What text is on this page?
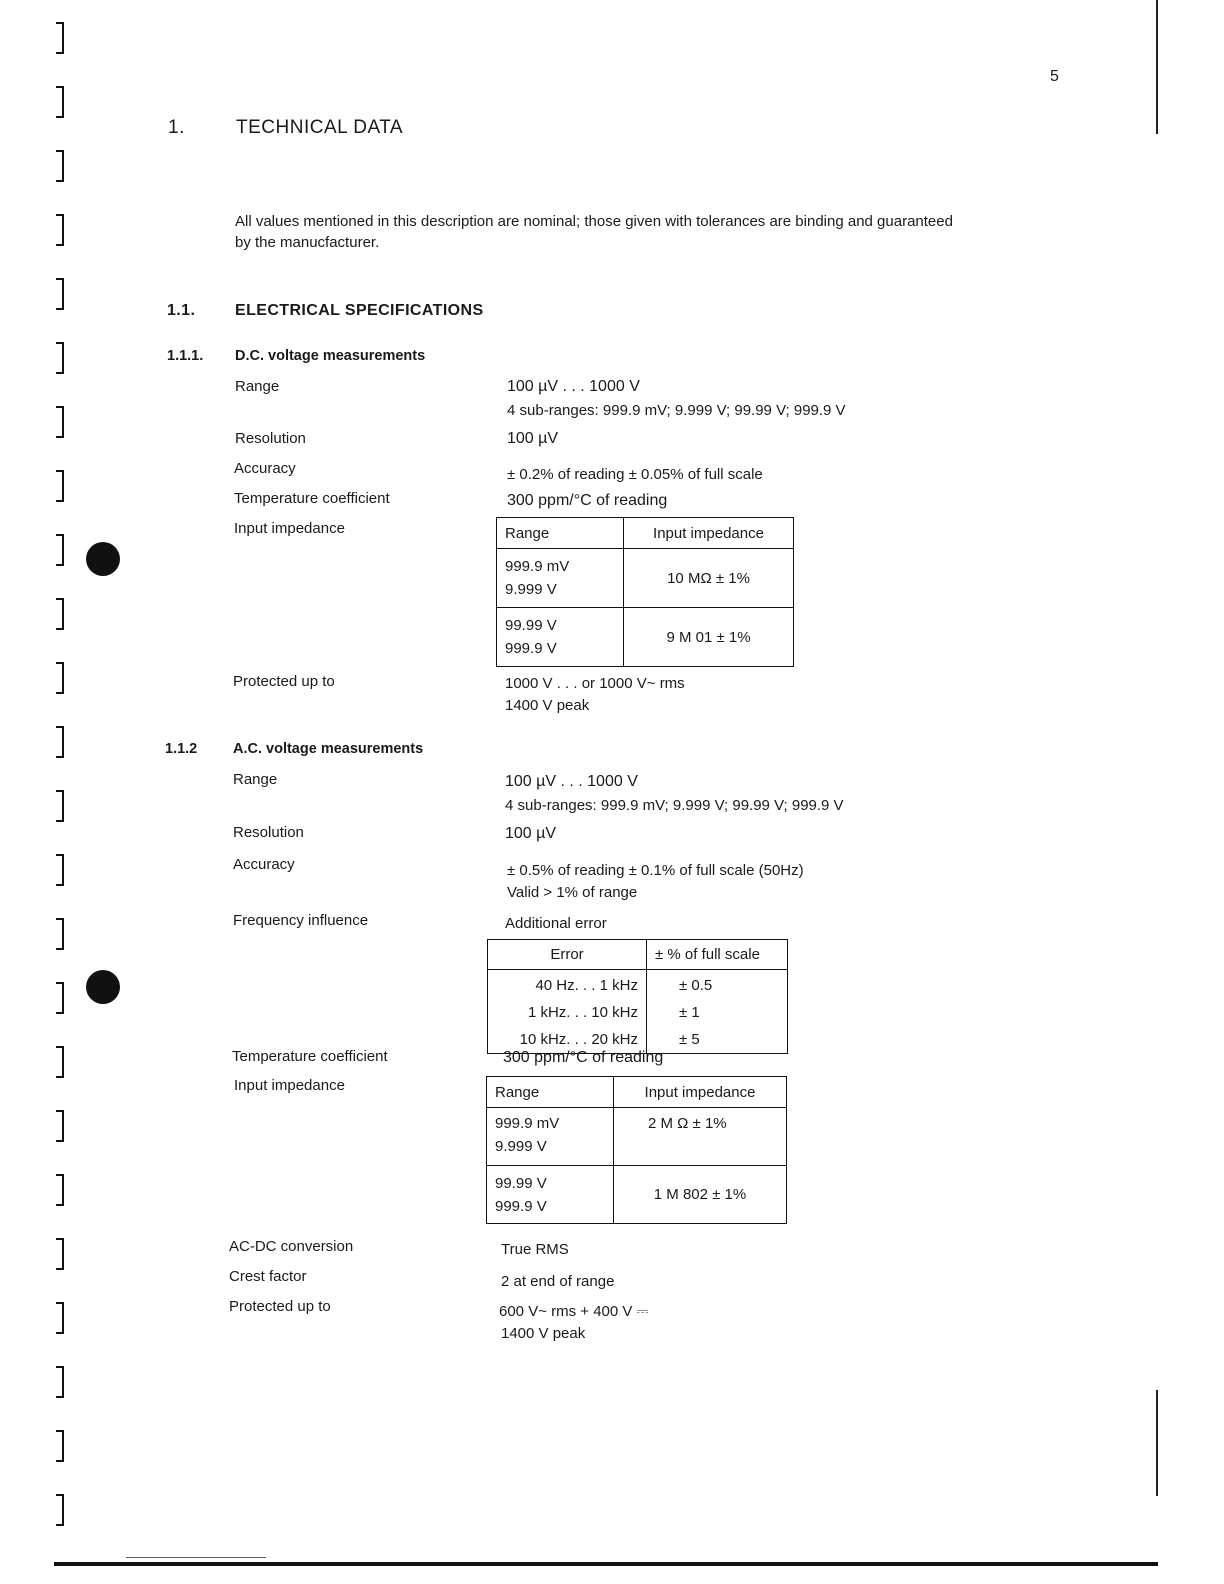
5
1.	TECHNICAL DATA
All values mentioned in this description are nominal; those given with tolerances are binding and guaranteed
by the manucfacturer.
1.1. ELECTRICAL SPECIFICATIONS
1.1.1. D.C. voltage measurements
Range	100 µV . . . 1000 V
4 sub-ranges: 999.9 mV; 9.999 V; 99.99 V; 999.9 V
Resolution	100 µV
Accuracy	± 0.2% of reading ± 0.05% of full scale
Temperature coefficient	300 ppm/°C of reading
Input impedance	Range	Input impedance

999.9 mV
9.999 V	10 MΩ ± 1%

99.99 V
999.9 V	9 M 01 ± 1%
Protected up to	1000 V . . . or 1000 V~ rms
1400 V peak
1.1.2 A.C. voltage measurements
Range	100 µV . . . 1000 V
4 sub-ranges: 999.9 mV; 9.999 V; 99.99 V; 999.9 V
Resolution	100 µV
Accuracy	± 0.5% of reading ± 0.1% of full scale (50Hz)
Valid > 1% of range
Frequency influence	Additional error
Error	± % of full scale
40 Hz. . . 1 kHz	± 0.5
1 kHz. . . 10 kHz	± 1
10 kHz. . . 20 kHz	± 5
Temperature coefficient	300 ppm/°C of reading
Input impedance	Range	Input impedance

999.9 mV
9.999 V	2 M Ω ± 1%

99.99 V
999.9 V	1 M 802 ± 1%
AC-DC conversion	True RMS
Crest factor	2 at end of range
Protected up to	600 V~ rms + 400 V ⎓
1400 V peak
